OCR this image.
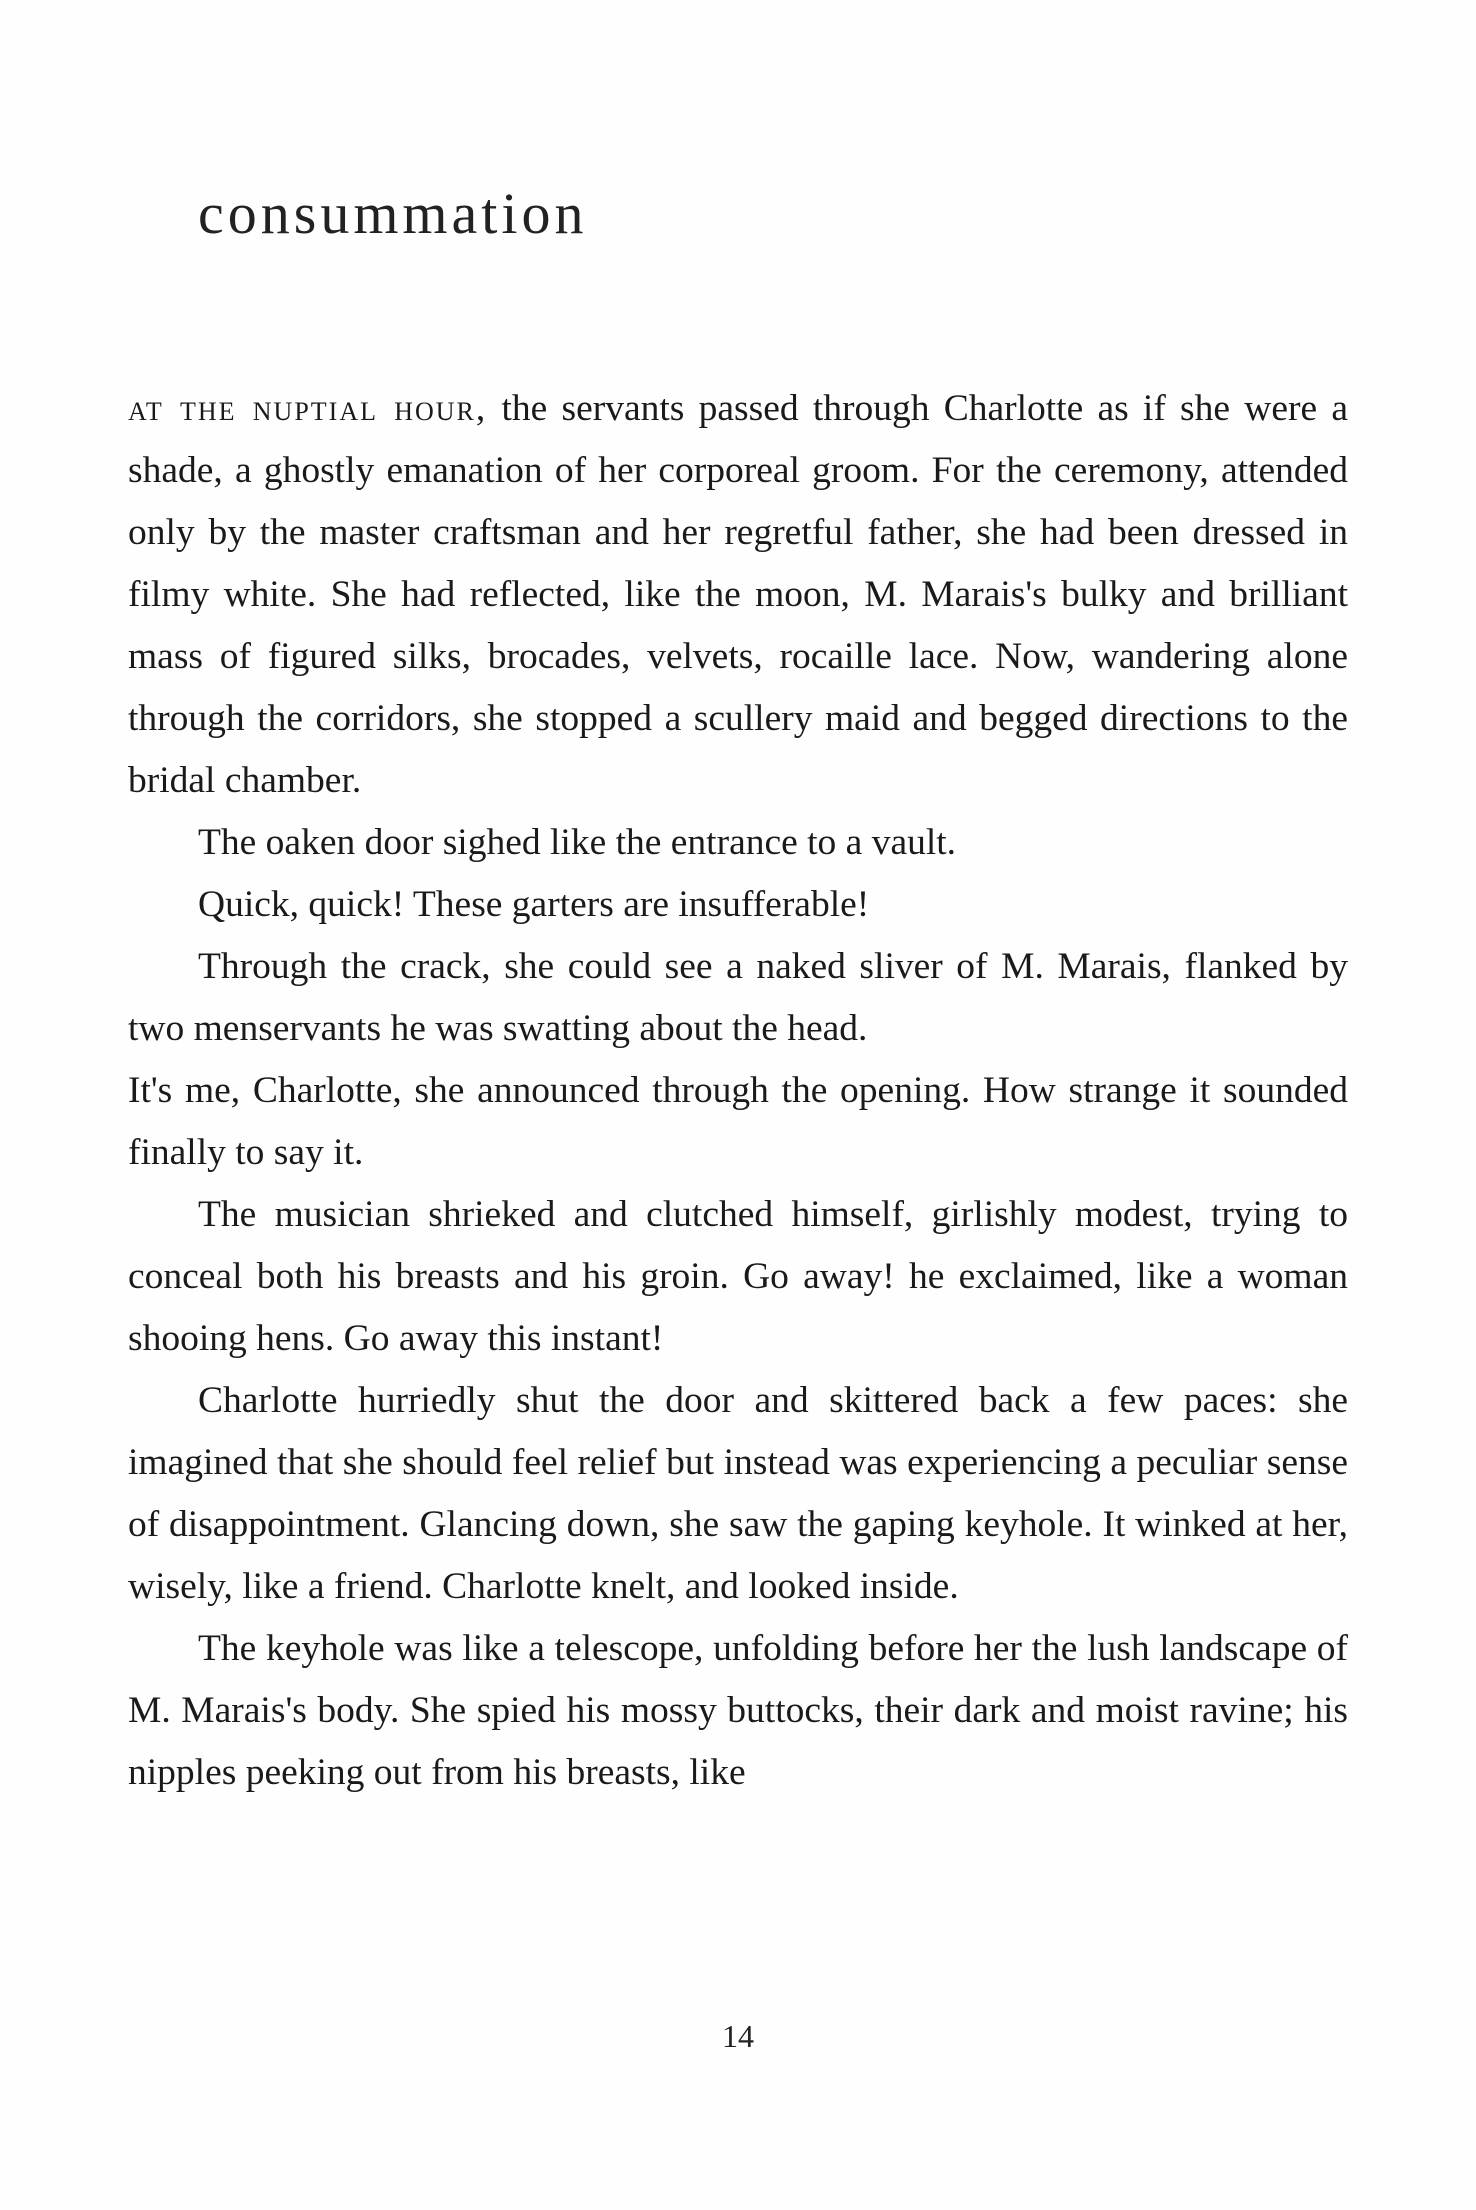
consummation

at the nuptial hour, the servants passed through Charlotte as if she were a shade, a ghostly emanation of her corporeal groom. For the ceremony, attended only by the master craftsman and her regretful father, she had been dressed in filmy white. She had reflected, like the moon, M. Marais's bulky and brilliant mass of figured silks, brocades, velvets, rocaille lace. Now, wandering alone through the corridors, she stopped a scullery maid and begged directions to the bridal chamber.

The oaken door sighed like the entrance to a vault.

Quick, quick! These garters are insufferable!

Through the crack, she could see a naked sliver of M. Marais, flanked by two menservants he was swatting about the head.

It's me, Charlotte, she announced through the opening. How strange it sounded finally to say it.

The musician shrieked and clutched himself, girlishly modest, trying to conceal both his breasts and his groin. Go away! he exclaimed, like a woman shooing hens. Go away this instant!

Charlotte hurriedly shut the door and skittered back a few paces: she imagined that she should feel relief but instead was experiencing a peculiar sense of disappointment. Glancing down, she saw the gaping keyhole. It winked at her, wisely, like a friend. Charlotte knelt, and looked inside.

The keyhole was like a telescope, unfolding before her the lush landscape of M. Marais's body. She spied his mossy buttocks, their dark and moist ravine; his nipples peeking out from his breasts, like

14
